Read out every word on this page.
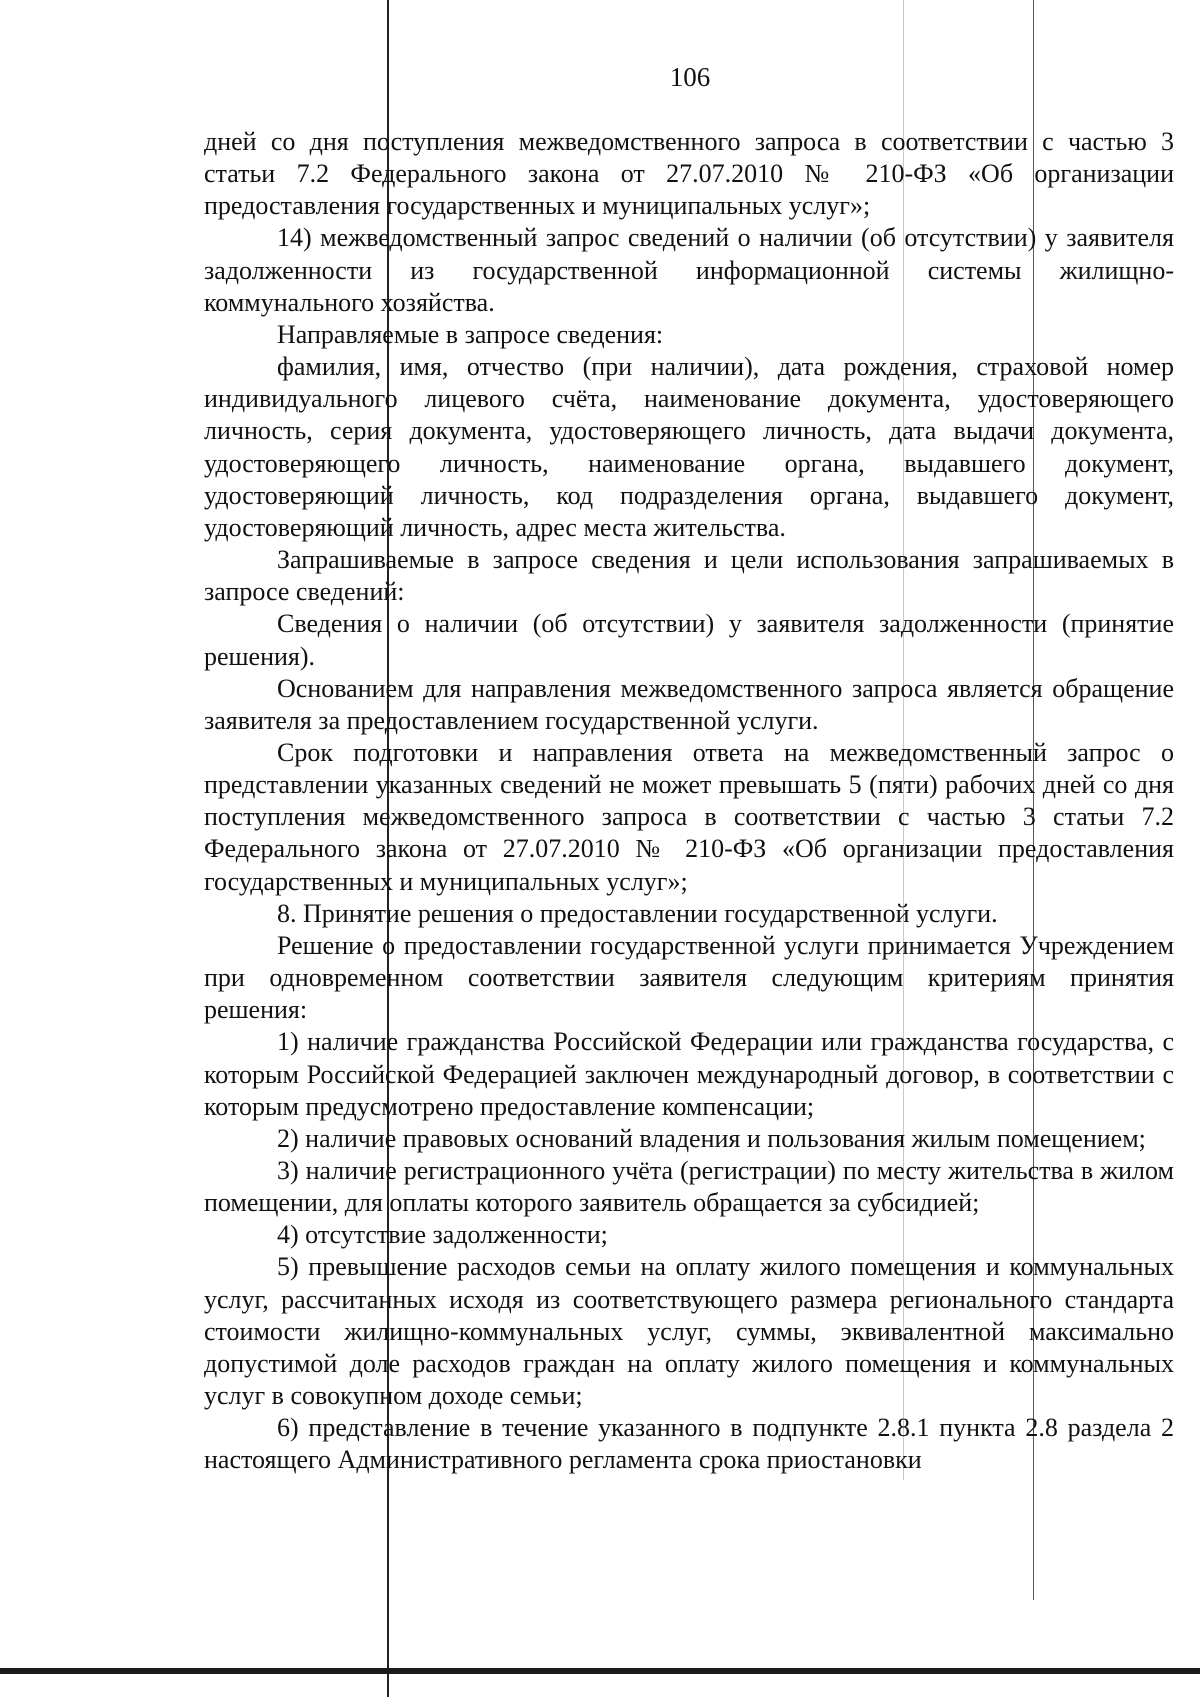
106

дней со дня поступления межведомственного запроса в соответствии с частью 3 статьи 7.2 Федерального закона от 27.07.2010 № 210-ФЗ «Об организации предоставления государственных и муниципальных услуг»;

14) межведомственный запрос сведений о наличии (об отсутствии) у заявителя задолженности из государственной информационной системы жилищно-коммунального хозяйства.

Направляемые в запросе сведения:

фамилия, имя, отчество (при наличии), дата рождения, страховой номер индивидуального лицевого счёта, наименование документа, удостоверяющего личность, серия документа, удостоверяющего личность, дата выдачи документа, удостоверяющего личность, наименование органа, выдавшего документ, удостоверяющий личность, код подразделения органа, выдавшего документ, удостоверяющий личность, адрес места жительства.

Запрашиваемые в запросе сведения и цели использования запрашиваемых в запросе сведений:

Сведения о наличии (об отсутствии) у заявителя задолженности (принятие решения).

Основанием для направления межведомственного запроса является обращение заявителя за предоставлением государственной услуги.

Срок подготовки и направления ответа на межведомственный запрос о представлении указанных сведений не может превышать 5 (пяти) рабочих дней со дня поступления межведомственного запроса в соответствии с частью 3 статьи 7.2 Федерального закона от 27.07.2010 № 210-ФЗ «Об организации предоставления государственных и муниципальных услуг»;

8. Принятие решения о предоставлении государственной услуги.

Решение о предоставлении государственной услуги принимается Учреждением при одновременном соответствии заявителя следующим критериям принятия решения:

1) наличие гражданства Российской Федерации или гражданства государства, с которым Российской Федерацией заключен международный договор, в соответствии с которым предусмотрено предоставление компенсации;

2) наличие правовых оснований владения и пользования жилым помещением;

3) наличие регистрационного учёта (регистрации) по месту жительства в жилом помещении, для оплаты которого заявитель обращается за субсидией;

4) отсутствие задолженности;

5) превышение расходов семьи на оплату жилого помещения и коммунальных услуг, рассчитанных исходя из соответствующего размера регионального стандарта стоимости жилищно-коммунальных услуг, суммы, эквивалентной максимально допустимой доле расходов граждан на оплату жилого помещения и коммунальных услуг в совокупном доходе семьи;

6) представление в течение указанного в подпункте 2.8.1 пункта 2.8 раздела 2 настоящего Административного регламента срока приостановки
